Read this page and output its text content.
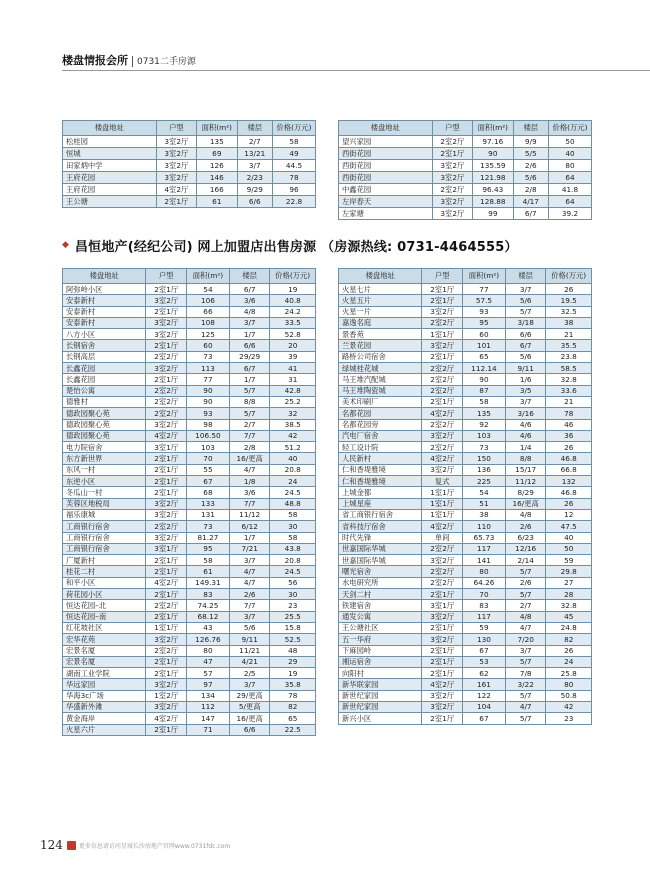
楼盘情报会所 0731二手房源
楼盘地址	户型	面积(m²)	楼层	价格(万元)
松桂园	3室2厅	135	2/7	58
恒城	3室2厅	69	13/21	49
田家炳中学	3室2厅	126	3/7	44.5
王府花园	3室2厅	146	2/23	78
王府花园	4室2厅	166	9/29	96
王公塘	2室1厅	61	6/6	22.8
楼盘地址	户型	面积(m²)	楼层	价格(万元)
望兴家园	2室2厅	97.16	9/9	50
西街花园	2室1厅	90	5/5	40
西街花园	3室2厅	135.59	2/6	80
西街花园	3室2厅	121.98	5/6	64
中鑫花园	2室2厅	96.43	2/8	41.8
左岸春天	3室2厅	128.88	4/17	64
左家塘	3室2厅	99	6/7	39.2
◆ 昌恒地产(经纪公司) 网上加盟店出售房源 （房源热线: 0731-4464555）
楼盘地址	户型	面积(m²)	楼层	价格(万元)
阿弥岭小区	2室1厅	54	6/7	19
安泰新村	3室2厅	106	3/6	40.8
安泰新村	2室1厅	66	4/8	24.2
安泰新村	3室2厅	108	3/7	33.5
八方小区	3室2厅	125	1/7	52.8
长钢宿舍	2室1厅	60	6/6	20
长钢高层	2室2厅	73	29/29	39
长鑫花园	3室2厅	113	6/7	41
长鑫花园	2室1厅	77	1/7	31
楚怡公寓	2室2厅	90	5/7	42.8
德雅村	2室2厅	90	8/8	25.2
德政园聚心苑	2室2厅	93	5/7	32
德政园聚心苑	3室2厅	98	2/7	38.5
德政园聚心苑	4室2厅	106.50	7/7	42
电力院宿舍	3室1厅	103	2/8	51.2
东方新世界	2室1厅	70	16/更高	40
东风一村	2室1厅	55	4/7	20.8
东逆小区	2室1厅	67	1/8	24
冬瓜山一村	2室1厅	68	3/6	24.5
芙蓉区地税局	3室2厅	133	7/7	48.8
福乐康城	3室2厅	131	11/12	58
工商银行宿舍	2室2厅	73	6/12	30
工商银行宿舍	3室2厅	81.27	1/7	58
工商银行宿舍	3室1厅	95	7/21	43.8
广厦新村	2室1厅	58	3/7	20.8
桂花二村	2室1厅	61	4/7	24.5
和平小区	4室2厅	149.31	4/7	56
荷花园小区	2室1厅	83	2/6	30
恒达花园–北	2室2厅	74.25	7/7	23
恒达花园–南	2室1厅	68.12	3/7	25.5
红花坡社区	1室1厅	43	5/6	15.8
宏华花苑	3室2厅	126.76	9/11	52.5
宏景名厦	2室2厅	80	11/21	48
宏景名厦	2室1厅	47	4/21	29
湖南工业学院	2室1厅	57	2/5	19
华远家园	3室2厅	97	3/7	35.8
华海3c广场	1室2厅	134	29/更高	78
华盛新外滩	3室2厅	112	5/更高	82
黄金海岸	4室2厅	147	16/更高	65
火星六片	2室1厅	71	6/6	22.5
楼盘地址	户型	面积(m²)	楼层	价格(万元)
火星七片	2室1厅	77	3/7	26
火星五片	2室1厅	57.5	5/6	19.5
火星一片	3室2厅	93	5/7	32.5
嘉逸名庭	2室2厅	95	3/18	38
景香苑	1室1厅	60	6/6	21
兰景花园	3室2厅	101	6/7	35.5
路桥公司宿舍	2室1厅	65	5/6	23.8
绿城桂花城	2室2厅	112.14	9/11	58.5
马王堆汽配城	2室2厅	90	1/6	32.8
马王堆陶瓷城	2室2厅	87	3/5	33.6
美术印刷厂	2室1厅	58	3/7	21
名都花园	4室2厅	135	3/16	78
名都花园旁	2室2厅	92	4/6	46
汽电厂宿舍	3室2厅	103	4/6	36
轻工设计院	2室2厅	73	1/4	26
人民新村	4室2厅	150	8/8	46.8
仁和香堤雅境	3室2厅	136	15/17	66.8
仁和香堤雅境	复式	225	11/12	132
上城金都	1室1厅	54	8/29	46.8
上城星座	1室1厅	51	16/更高	26
省工商银行宿舍	1室1厅	38	4/8	12
省科技厅宿舍	4室2厅	110	2/6	47.5
时代先锋	单间	65.73	6/23	40
世嘉国际华城	2室2厅	117	12/16	50
世嘉国际华城	3室2厅	141	2/14	59
曙光宿舍	2室2厅	80	5/7	29.8
水电研究所	2室2厅	64.26	2/6	27
天剑二村	2室1厅	70	5/7	28
铁建宿舍	3室1厅	83	2/7	32.8
通发公寓	3室2厅	117	4/8	45
王公塘社区	2室1厅	59	4/7	24.8
五一华府	3室2厅	130	7/20	82
下麻园岭	2室1厅	67	3/7	26
湘运宿舍	2室1厅	53	5/7	24
向阳村	2室1厅	62	7/8	25.8
新华联家园	4室2厅	161	3/22	80
新世纪家园	3室2厅	122	5/7	50.8
新世纪家园	3室2厅	104	4/7	42
新兴小区	2室1厅	67	5/7	23
124	更多信息请访问星城长沙房地产官网www.0731fdc.com
